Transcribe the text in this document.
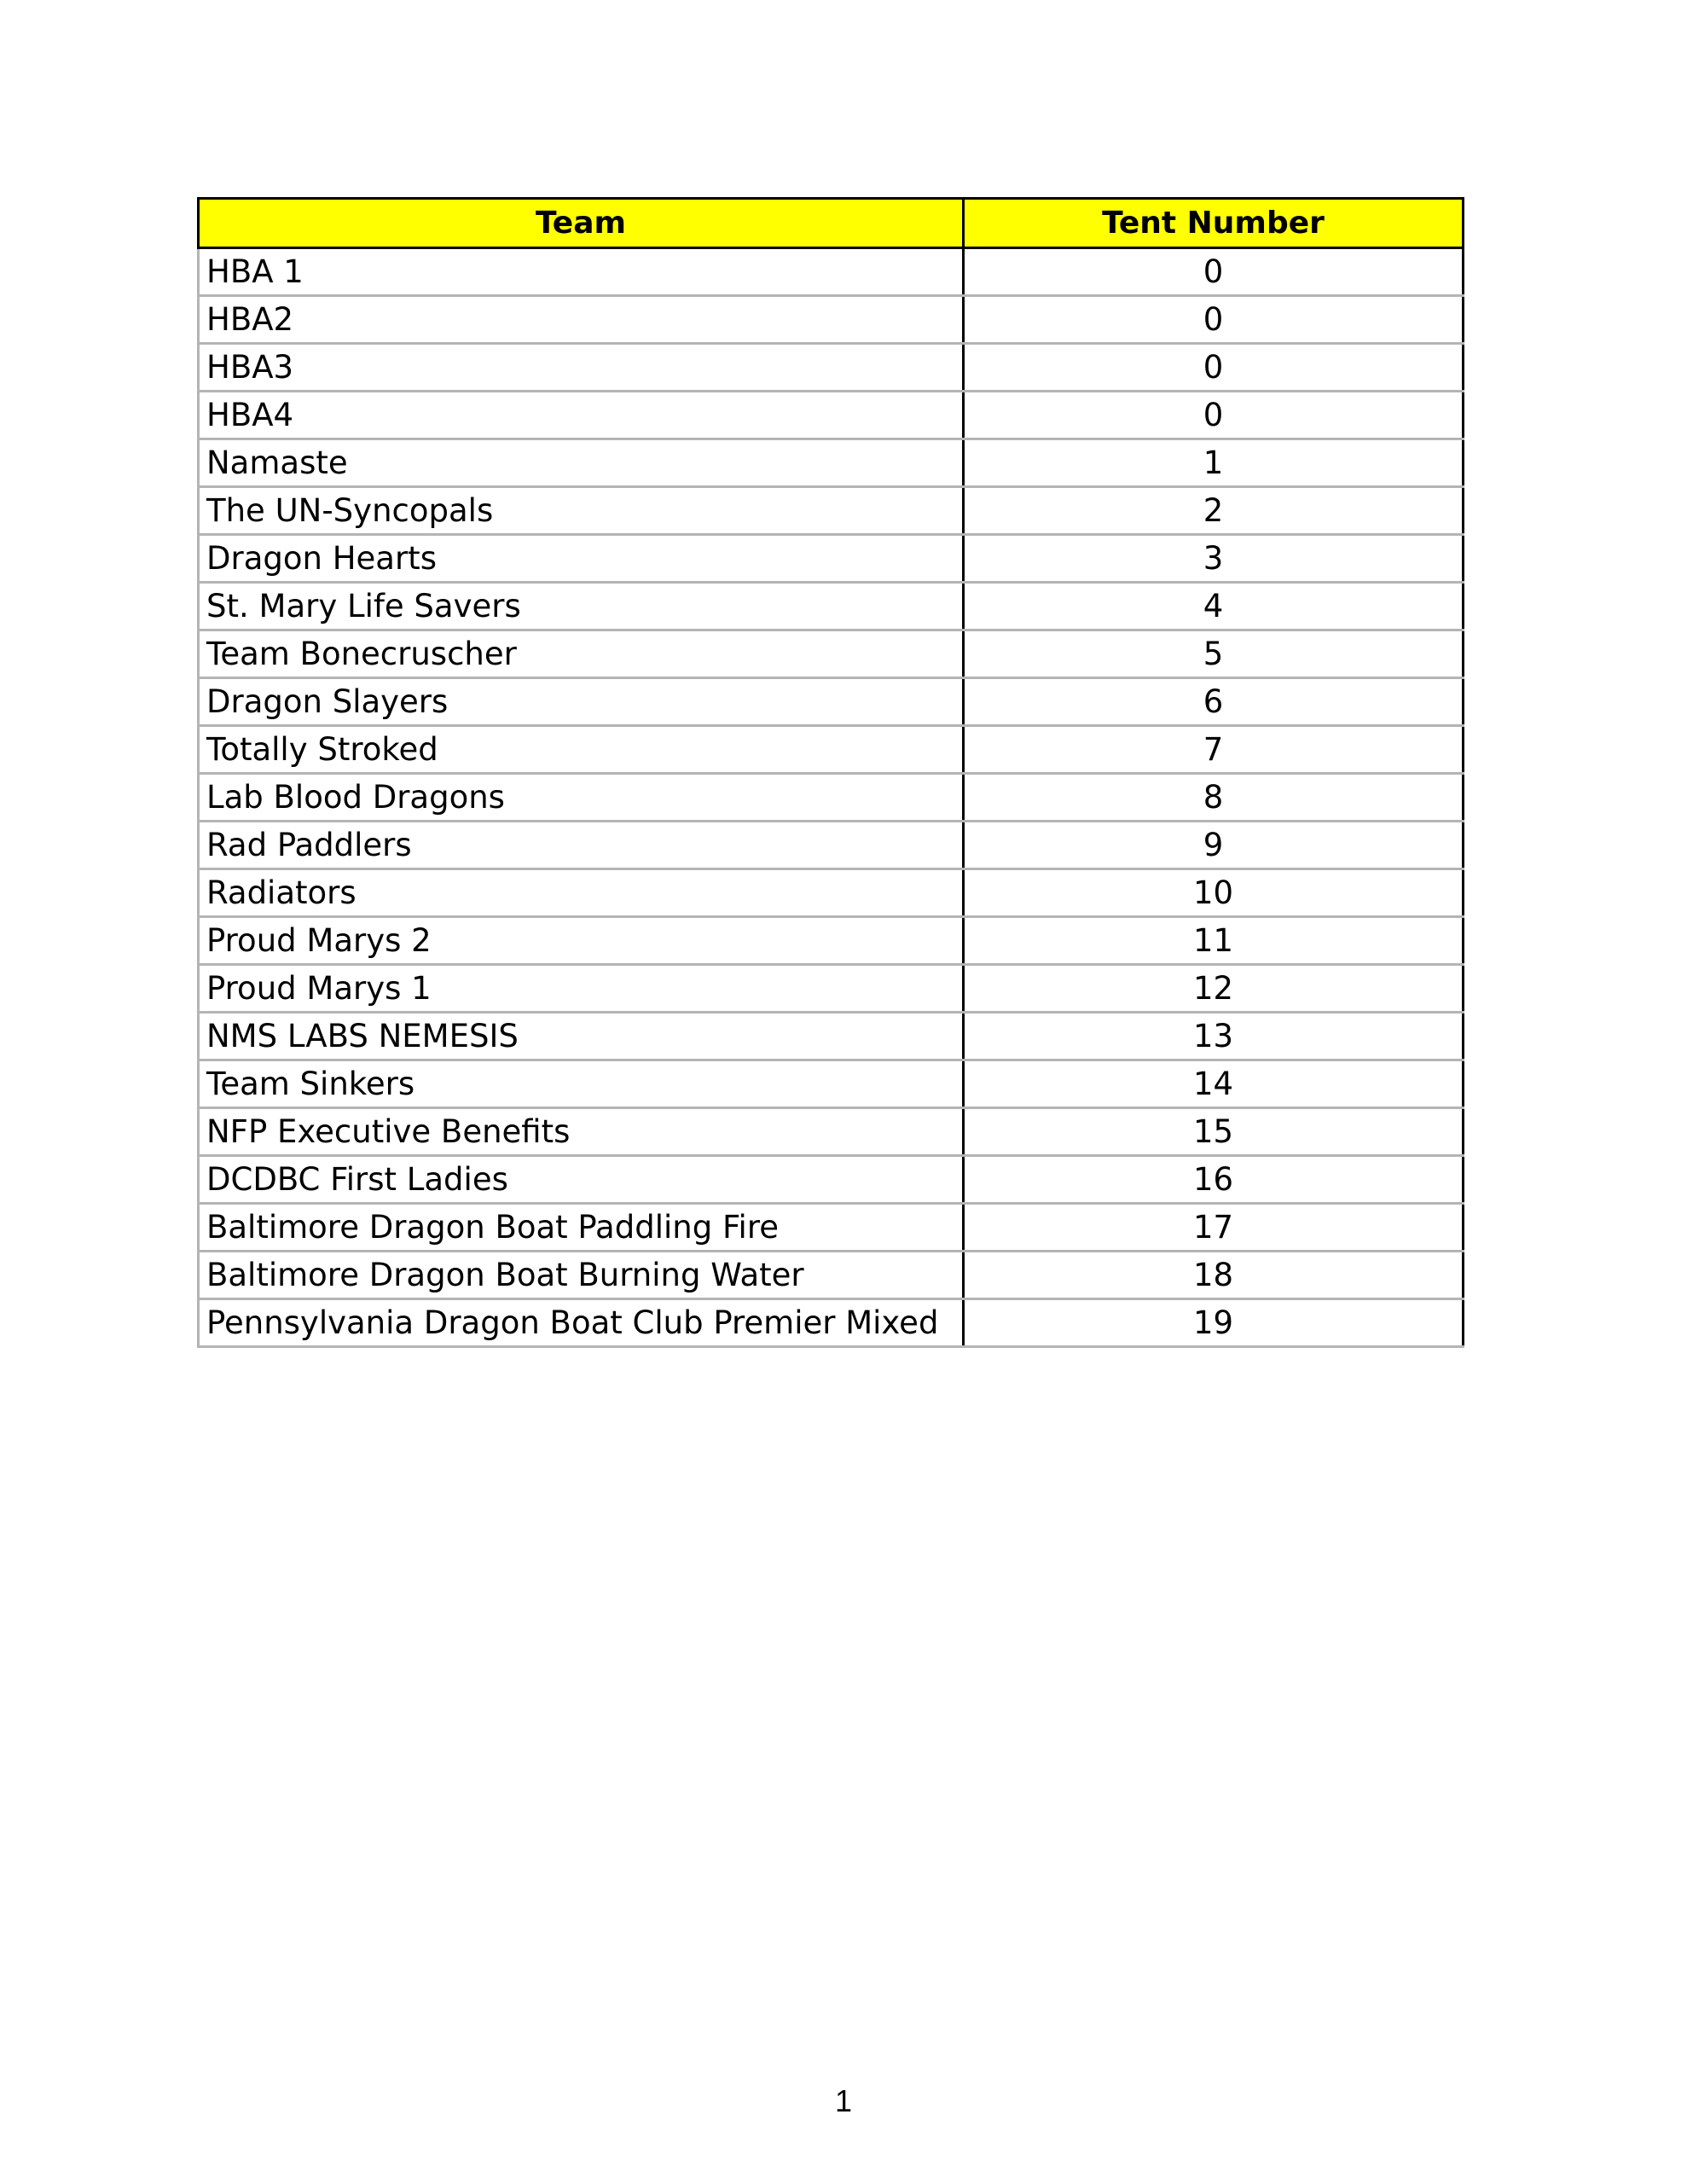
Team	Tent Number
HBA 1	0
HBA2	0
HBA3	0
HBA4	0
Namaste	1
The UN-Syncopals	2
Dragon Hearts	3
St. Mary Life Savers	4
Team Bonecruscher	5
Dragon Slayers	6
Totally Stroked	7
Lab Blood Dragons	8
Rad Paddlers	9
Radiators	10
Proud Marys 2	11
Proud Marys 1	12
NMS LABS NEMESIS	13
Team Sinkers	14
NFP Executive Benefits	15
DCDBC First Ladies	16
Baltimore Dragon Boat Paddling Fire	17
Baltimore Dragon Boat Burning Water	18
Pennsylvania Dragon Boat Club Premier Mixed	19
1
